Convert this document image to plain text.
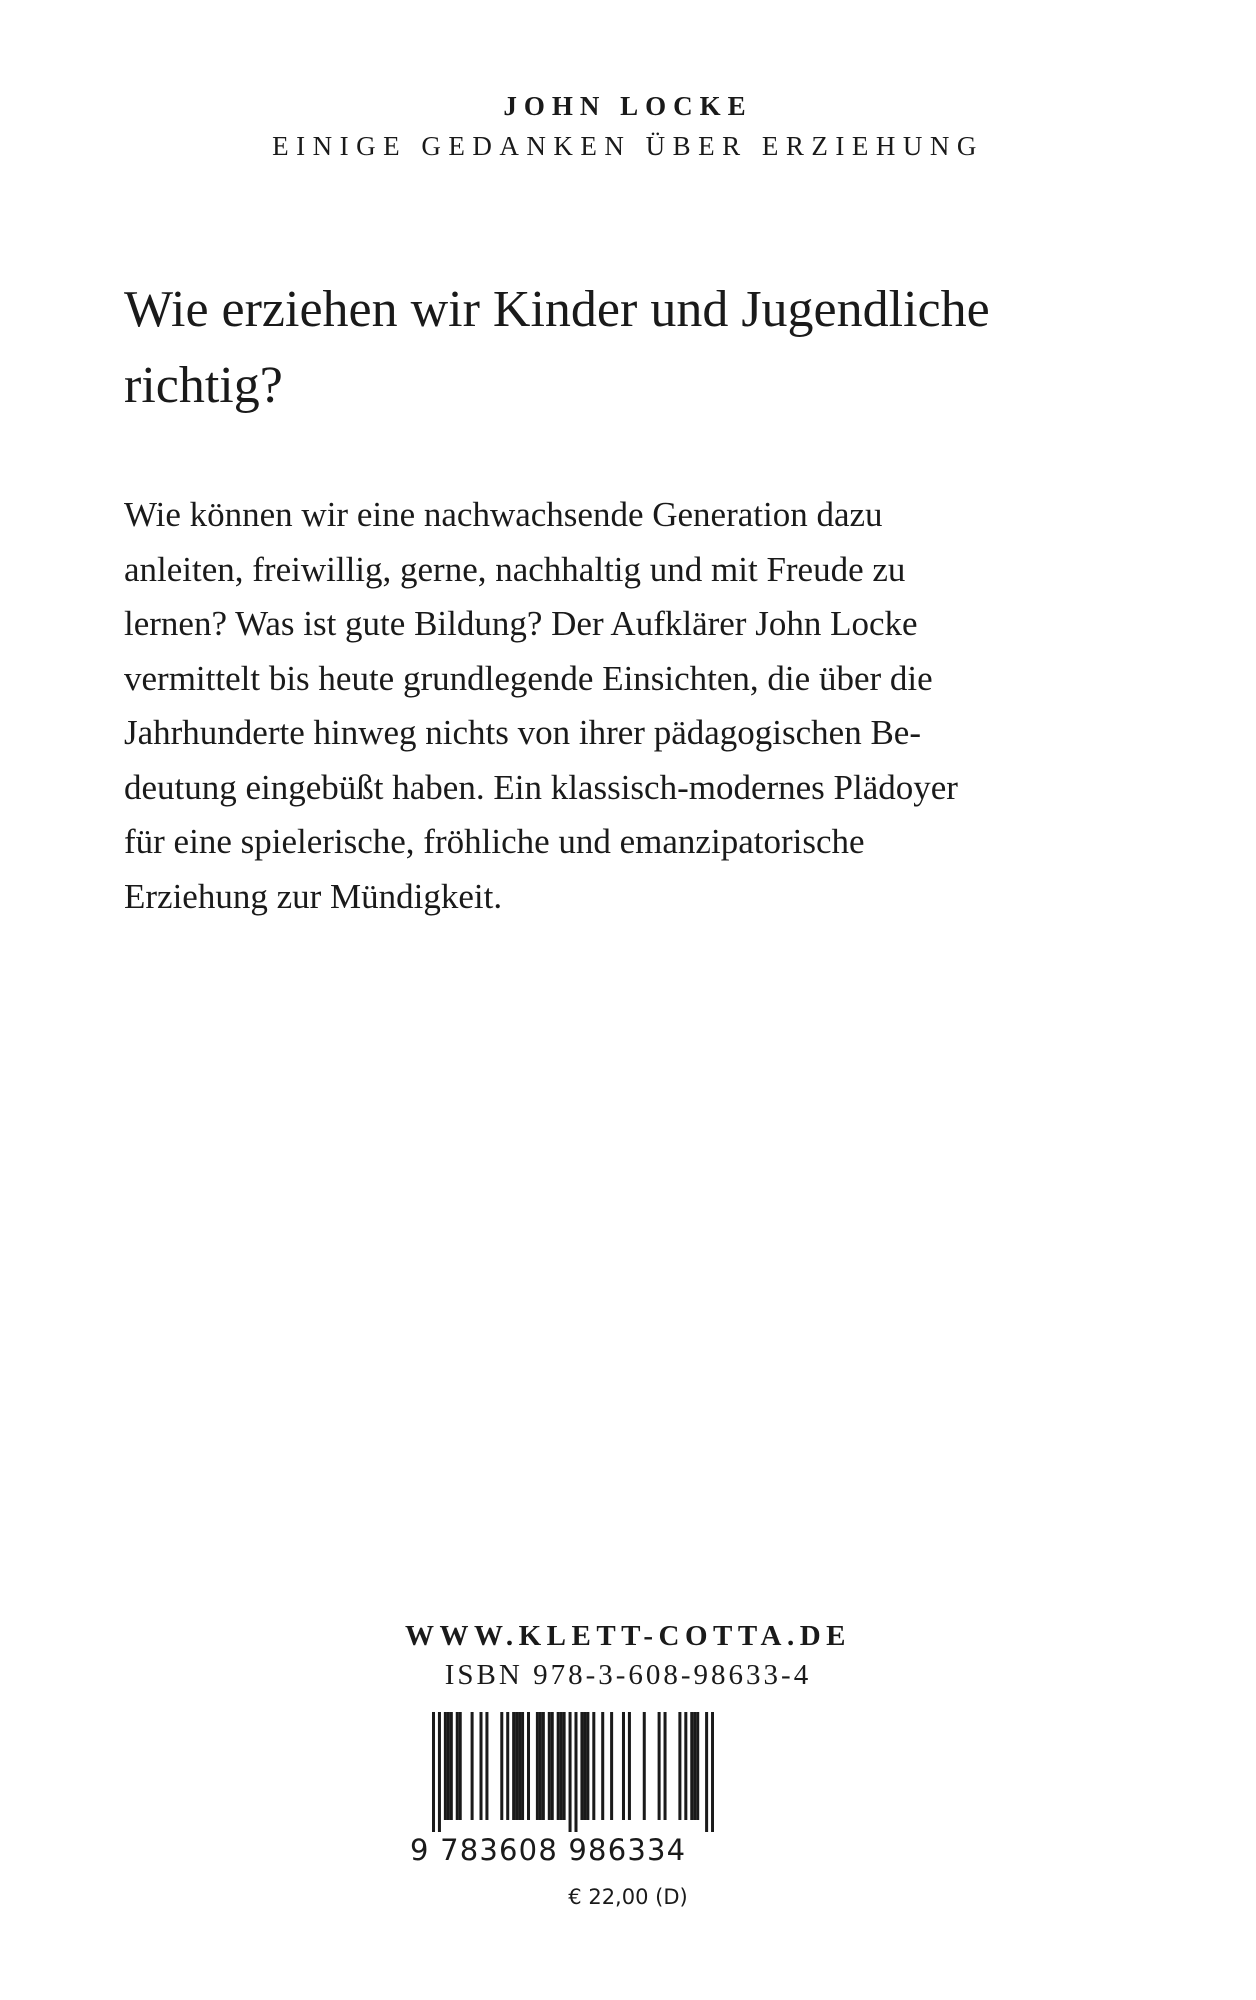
JOHN LOCKE
EINIGE GEDANKEN ÜBER ERZIEHUNG
Wie erziehen wir Kinder und Jugendliche
richtig?

Wie können wir eine nachwachsende Generation dazu
anleiten, freiwillig, gerne, nachhaltig und mit Freude zu
lernen? Was ist gute Bildung? Der Aufklärer John Locke
vermittelt bis heute grundlegende Einsichten, die über die
Jahrhunderte hinweg nichts von ihrer pädagogischen Be-
deutung eingebüßt haben. Ein klassisch-modernes Plädoyer
für eine spielerische, fröhliche und emanzipatorische
Erziehung zur Mündigkeit.

WWW.KLETT-COTTA.DE
ISBN 978-3-608-98633-4
9 783608 986334
€ 22,00 (D)
